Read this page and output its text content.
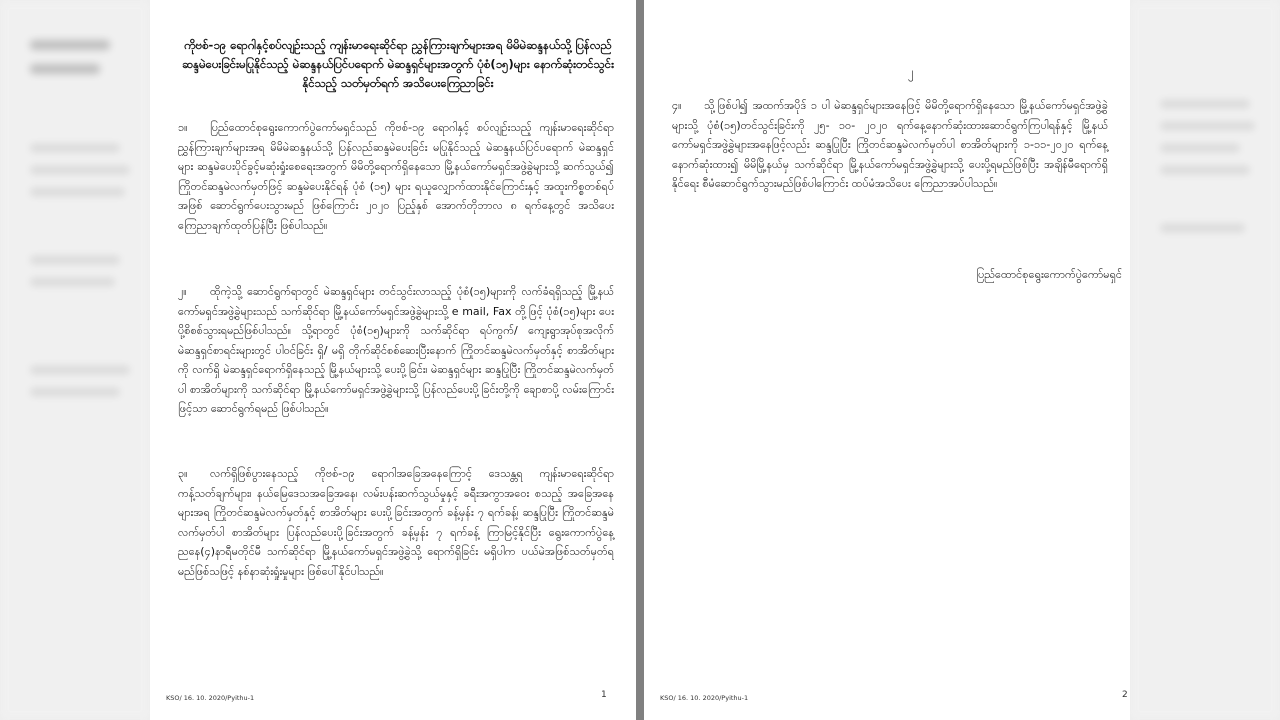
ကိုဗစ်-၁၉ ရောဂါနှင့်စပ်လျဉ်းသည့် ကျန်းမာရေးဆိုင်ရာ ညွှန်ကြားချက်များအရ မိမိမဲဆန္ဒနယ်သို့ ပြန်လည်ဆန္ဒမဲပေးခြင်းမပြုနိုင်သည့် မဲဆန္ဒနယ်ပြင်ပရောက် မဲဆန္ဒရှင်များအတွက် ပုံစံ(၁၅)များ နောက်ဆုံးတင်သွင်းနိုင်သည့် သတ်မှတ်ရက် အသိပေးကြေညာခြင်း
၁။ ပြည်ထောင်စုရွေးကောက်ပွဲကော်မရှင်သည် ကိုဗစ်-၁၉ ရောဂါနှင့် စပ်လျဉ်းသည့် ကျန်းမာရေးဆိုင်ရာ ညွှန်ကြားချက်များအရ မိမိမဲဆန္ဒနယ်သို့ ပြန်လည်ဆန္ဒမဲပေးခြင်း မပြုနိုင်သည့် မဲဆန္ဒနယ်ပြင်ပရောက် မဲဆန္ဒရှင်များ ဆန္ဒမဲပေးပိုင်ခွင့်မဆုံးရှုံးစေရေးအတွက် မိမိတို့ရောက်ရှိနေသော မြို့နယ်ကော်မရှင်အဖွဲ့ခွဲများသို့ ဆက်သွယ်၍ ကြိုတင်ဆန္ဒမဲလက်မှတ်ဖြင့် ဆန္ဒမဲပေးနိုင်ရန် ပုံစံ (၁၅) များ ရယူလျှောက်ထားနိုင်ကြောင်းနှင့် အထူးကိစ္စတစ်ရပ်အဖြစ် ဆောင်ရွက်ပေးသွားမည် ဖြစ်ကြောင်း ၂၀၂၀ ပြည့်နှစ် အောက်တိုဘာလ ၈ ရက်နေ့တွင် အသိပေးကြေညာချက်ထုတ်ပြန်ပြီး ဖြစ်ပါသည်။
၂။ ထိုကဲ့သို့ ဆောင်ရွက်ရာတွင် မဲဆန္ဒရှင်များ တင်သွင်းလာသည့် ပုံစံ(၁၅)များကို လက်ခံရရှိသည့် မြို့နယ်ကော်မရှင်အဖွဲ့ခွဲများသည် သက်ဆိုင်ရာ မြို့နယ်ကော်မရှင်အဖွဲ့ခွဲများသို့ e mail, Fax တို့ဖြင့် ပုံစံ(၁၅)များ ပေးပို့စိစစ်သွားရမည်ဖြစ်ပါသည်။ သို့ရာတွင် ပုံစံ(၁၅)များကို သက်ဆိုင်ရာ ရပ်ကွက်/ ကျေးရွာအုပ်စုအလိုက် မဲဆန္ဒရှင်စာရင်းများတွင် ပါဝင်ခြင်း ရှိ/ မရှိ တိုက်ဆိုင်စစ်ဆေးပြီးနောက် ကြိုတင်ဆန္ဒမဲလက်မှတ်နှင့် စာအိတ်များကို လက်ရှိ မဲဆန္ဒရှင်ရောက်ရှိနေသည့် မြို့နယ်များသို့ ပေးပို့ခြင်း၊ မဲဆန္ဒရှင်များ ဆန္ဒပြုပြီး ကြိုတင်ဆန္ဒမဲလက်မှတ်ပါ စာအိတ်များကို သက်ဆိုင်ရာ မြို့နယ်ကော်မရှင်အဖွဲ့ခွဲများသို့ ပြန်လည်ပေးပို့ခြင်းတို့ကို ချောစာပို့ လမ်းကြောင်းဖြင့်သာ ဆောင်ရွက်ရမည် ဖြစ်ပါသည်။
၃။ လက်ရှိဖြစ်ပွားနေသည့် ကိုဗစ်-၁၉ ရောဂါအခြေအနေကြောင့် ဒေသန္တရ ကျန်းမာရေးဆိုင်ရာ ကန့်သတ်ချက်များ၊ နယ်မြေဒေသအခြေအနေ၊ လမ်းပန်းဆက်သွယ်မှုနှင့် ခရီးအကွာအဝေး စသည့် အခြေအနေများအရ ကြိုတင်ဆန္ဒမဲလက်မှတ်နှင့် စာအိတ်များ ပေးပို့ခြင်းအတွက် ခန့်မှန်း ၇ ရက်ခန့်၊ ဆန္ဒပြုပြီး ကြိုတင်ဆန္ဒမဲလက်မှတ်ပါ စာအိတ်များ ပြန်လည်ပေးပို့ခြင်းအတွက် ခန့်မှန်း ၇ ရက်ခန့် ကြာမြင့်နိုင်ပြီး ရွေးကောက်ပွဲနေ့ ညနေ(၄)နာရီမတိုင်မီ သက်ဆိုင်ရာ မြို့နယ်ကော်မရှင်အဖွဲ့ခွဲသို့ ရောက်ရှိခြင်း မရှိပါက ပယ်မဲအဖြစ်သတ်မှတ်ရမည်ဖြစ်သဖြင့် နစ်နာဆုံးရှုံးမှုများ ဖြစ်ပေါ်နိုင်ပါသည်။
KSO/ 16. 10. 2020/Pyithu-1	1
၂
၄။ သို့ဖြစ်ပါ၍ အထက်အပိုဒ် ၁ ပါ မဲဆန္ဒရှင်များအနေဖြင့် မိမိတို့ရောက်ရှိနေသော မြို့နယ်ကော်မရှင်အဖွဲ့ခွဲများသို့ ပုံစံ(၁၅)တင်သွင်းခြင်းကို ၂၅- ၁၀- ၂၀၂၀ ရက်နေ့နောက်ဆုံးထားဆောင်ရွက်ကြပါရန်နှင့် မြို့နယ်ကော်မရှင်အဖွဲ့ခွဲများအနေဖြင့်လည်း ဆန္ဒပြုပြီး ကြိုတင်ဆန္ဒမဲလက်မှတ်ပါ စာအိတ်များကို ၁-၁၁-၂၀၂၀ ရက်နေ့ နောက်ဆုံးထား၍ မိမိမြို့နယ်မှ သက်ဆိုင်ရာ မြို့နယ်ကော်မရှင်အဖွဲ့ခွဲများသို့ ပေးပို့ရမည်ဖြစ်ပြီး အချိန်မီရောက်ရှိနိုင်ရေး စီမံဆောင်ရွက်သွားမည်ဖြစ်ပါကြောင်း ထပ်မံအသိပေး ကြေညာအပ်ပါသည်။
ပြည်ထောင်စုရွေးကောက်ပွဲကော်မရှင်
KSO/ 16. 10. 2020/Pyithu-1	2
